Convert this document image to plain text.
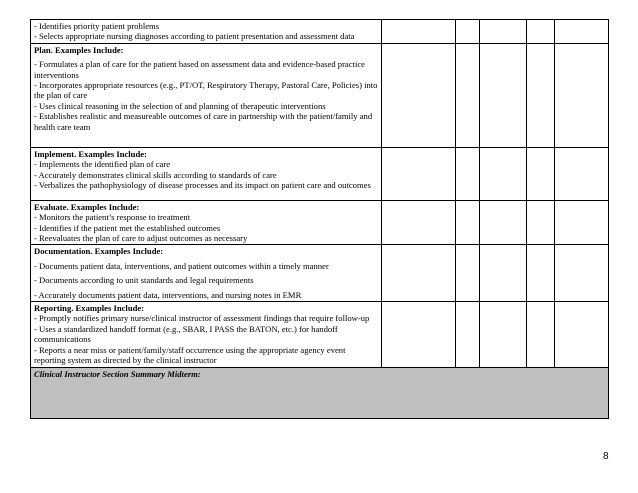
- Identifies priority patient problems
- Selects appropriate nursing diagnoses according to patient presentation and assessment data					

Plan. Examples Include:
- Formulates a plan of care for the patient based on assessment data and evidence-based practice interventions
- Incorporates appropriate resources (e.g., PT/OT, Respiratory Therapy, Pastoral Care, Policies) into the plan of care
- Uses clinical reasoning in the selection of and planning of therapeutic interventions
- Establishes realistic and measureable outcomes of care in partnership with the patient/family and health care team					

Implement. Examples Include:
- Implements the identified plan of care
- Accurately demonstrates clinical skills according to standards of care
- Verbalizes the pathophysiology of disease processes and its impact on patient care and outcomes					

Evaluate. Examples Include:
- Monitors the patient’s response to treatment
- Identifies if the patient met the established outcomes
- Reevaluates the plan of care to adjust outcomes as necessary					

Documentation. Examples Include:
- Documents patient data, interventions, and patient outcomes within a timely manner
- Documents according to unit standards and legal requirements
- Accurately documents patient data, interventions, and nursing notes in EMR					

Reporting. Examples Include:
- Promptly notifies primary nurse/clinical instructor of assessment findings that require follow-up
- Uses a standardized handoff format (e.g., SBAR, I PASS the BATON, etc.) for handoff communications
- Reports a near miss or patient/family/staff occurrence using the appropriate agency event reporting system as directed by the clinical instructor					

Clinical Instructor Section Summary Midterm:					
8
